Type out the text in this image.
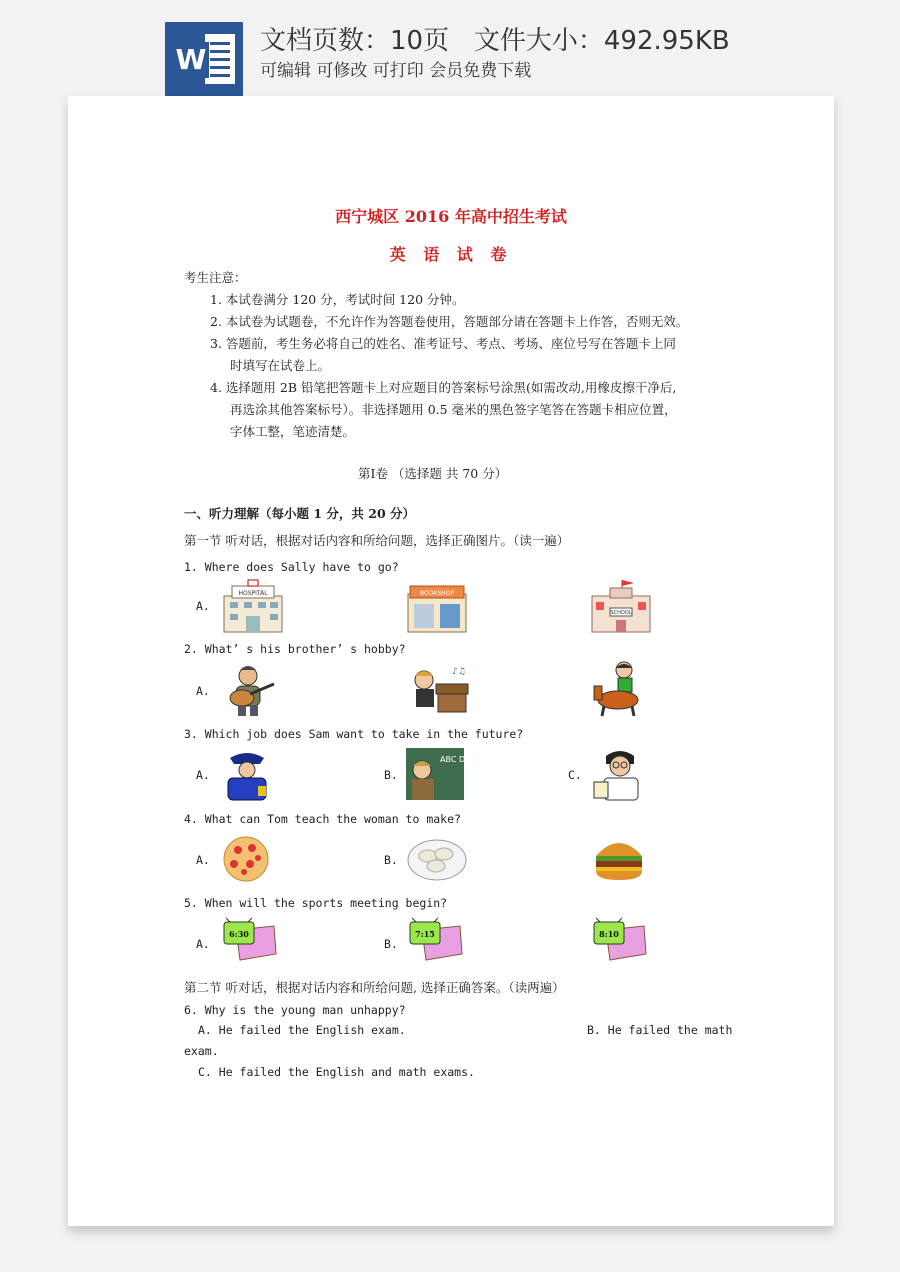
W
文档页数：10页   文件大小：492.95KB
可编辑 可修改 可打印 会员免费下载
西宁城区 2016 年高中招生考试
英 语 试 卷
考生注意：
1. 本试卷满分 120 分，考试时间 120 分钟。
2. 本试卷为试题卷，不允许作为答题卷使用，答题部分请在答题卡上作答，否则无效。
3. 答题前，考生务必将自己的姓名、准考证号、考点、考场、座位号写在答题卡上同
时填写在试卷上。
4. 选择题用 2B 铅笔把答题卡上对应题目的答案标号涂黑(如需改动,用橡皮擦干净后,
再选涂其他答案标号）。非选择题用 0.5 毫米的黑色签字笔答在答题卡相应位置，
字体工整，笔迹清楚。
第Ⅰ卷 （选择题 共 70 分）
一、听力理解（每小题 1 分，共 20 分）
第一节 听对话，根据对话内容和所给问题，选择正确图片。（读一遍）
1. Where does Sally have to go?
A.
HOSPITAL	BOOKSHOP
SCHOOL
2. What’ s his brother’ s hobby?
A.
♪♫
3. Which job does Sam want to take in the future?
A.	B.
ABC DE
C.
4. What can Tom teach the woman to make?
A.	B.
5. When will the sports meeting begin?
A.
6:30
B.
7:15	8:10
第二节 听对话，根据对话内容和所给问题, 选择正确答案。（读两遍）
6. Why is the young man unhappy?
A. He failed the English exam.	B. He failed the math
exam.
C. He failed the English and math exams.
